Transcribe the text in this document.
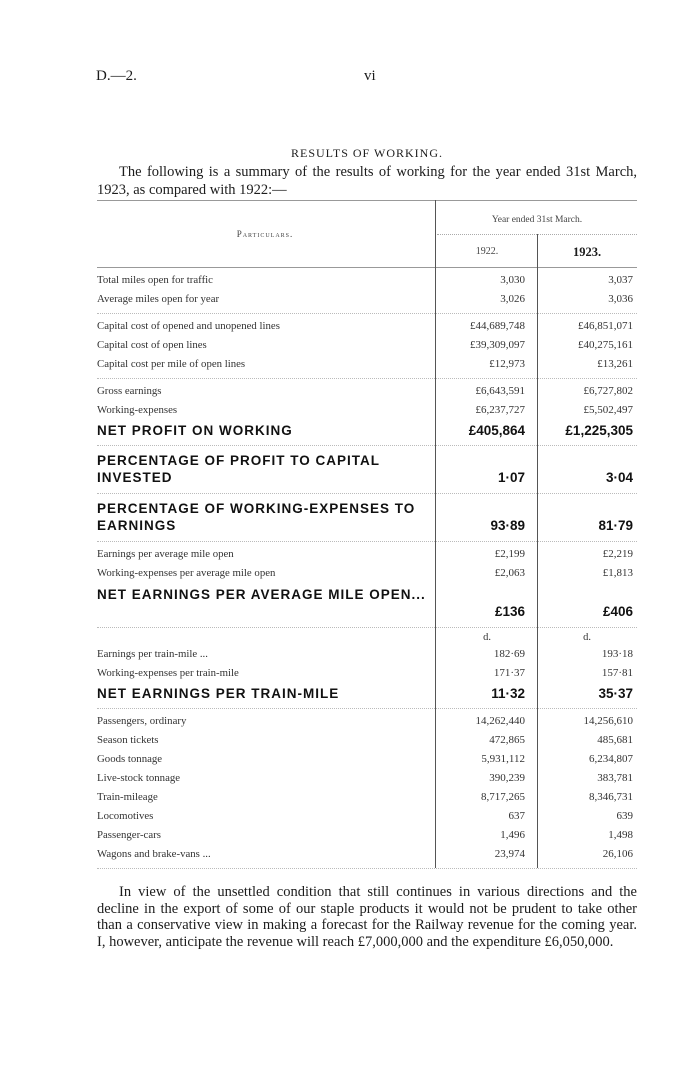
D.—2.	vi
RESULTS OF WORKING.
The following is a summary of the results of working for the year ended 31st March, 1923, as compared with 1922:—
Particulars.
Year ended 31st March.
1922.	1923.
Total miles open for traffic	3,030	3,037
Average miles open for year	3,026	3,036
Capital cost of opened and unopened lines	£44,689,748	£46,851,071
Capital cost of open lines	£39,309,097	£40,275,161
Capital cost per mile of open lines	£12,973	£13,261
Gross earnings	£6,643,591	£6,727,802
Working-expenses	£6,237,727	£5,502,497
NET PROFIT ON WORKING	£405,864	£1,225,305
PERCENTAGE OF PROFIT TO CAPITAL INVESTED	1·07	3·04
PERCENTAGE OF WORKING-EXPENSES TO EARNINGS	93·89	81·79
Earnings per average mile open	£2,199	£2,219
Working-expenses per average mile open	£2,063	£1,813
NET EARNINGS PER AVERAGE MILE OPEN...
£136	£406
d.	d.
Earnings per train-mile ...	182·69	193·18
Working-expenses per train-mile	171·37	157·81
NET EARNINGS PER TRAIN-MILE	11·32	35·37
Passengers, ordinary	14,262,440	14,256,610
Season tickets	472,865	485,681
Goods tonnage	5,931,112	6,234,807
Live-stock tonnage	390,239	383,781
Train-mileage	8,717,265	8,346,731
Locomotives	637	639
Passenger-cars	1,496	1,498
Wagons and brake-vans ...	23,974	26,106
In view of the unsettled condition that still continues in various directions and the decline in the export of some of our staple products it would not be prudent to take other than a conservative view in making a forecast for the Railway revenue for the coming year. I, however, anticipate the revenue will reach £7,000,000 and the expenditure £6,050,000.
